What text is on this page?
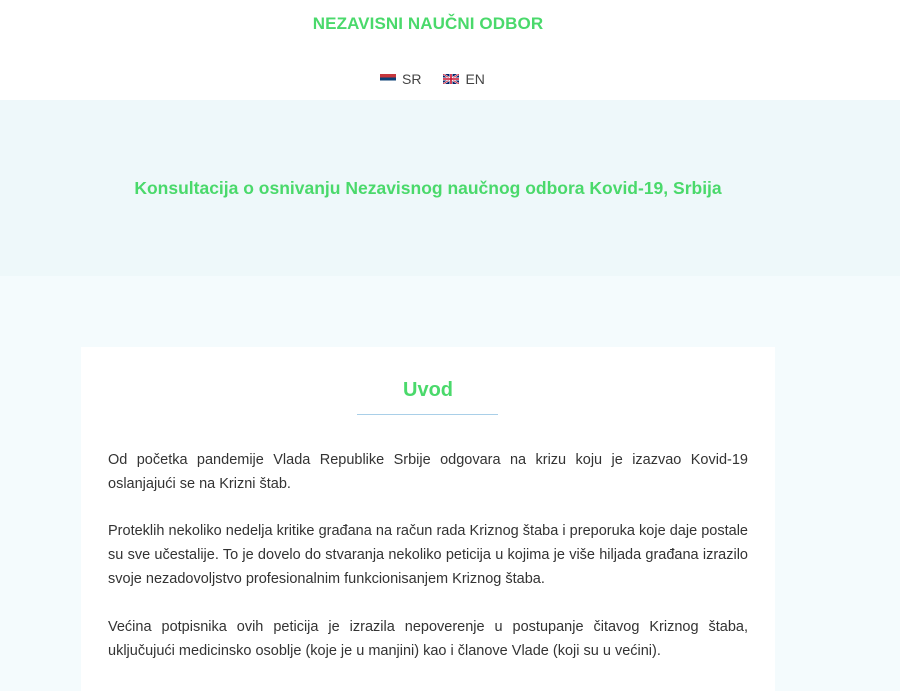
NEZAVISNI NAUČNI ODBOR
SR	EN
Konsultacija o osnivanju Nezavisnog naučnog odbora Kovid-19, Srbija
Uvod

Od početka pandemije Vlada Republike Srbije odgovara na krizu koju je izazvao Kovid-19 oslanjajući se na Krizni štab.

Proteklih nekoliko nedelja kritike građana na račun rada Kriznog štaba i preporuka koje daje postale su sve učestalije. To je dovelo do stvaranja nekoliko peticija u kojima je više hiljada građana izrazilo svoje nezadovoljstvo profesionalnim funkcionisanjem Kriznog štaba.

Većina potpisnika ovih peticija je izrazila nepoverenje u postupanje čitavog Kriznog štaba, uključujući medicinsko osoblje (koje je u manjini) kao i članove Vlade (koji su u većini).
